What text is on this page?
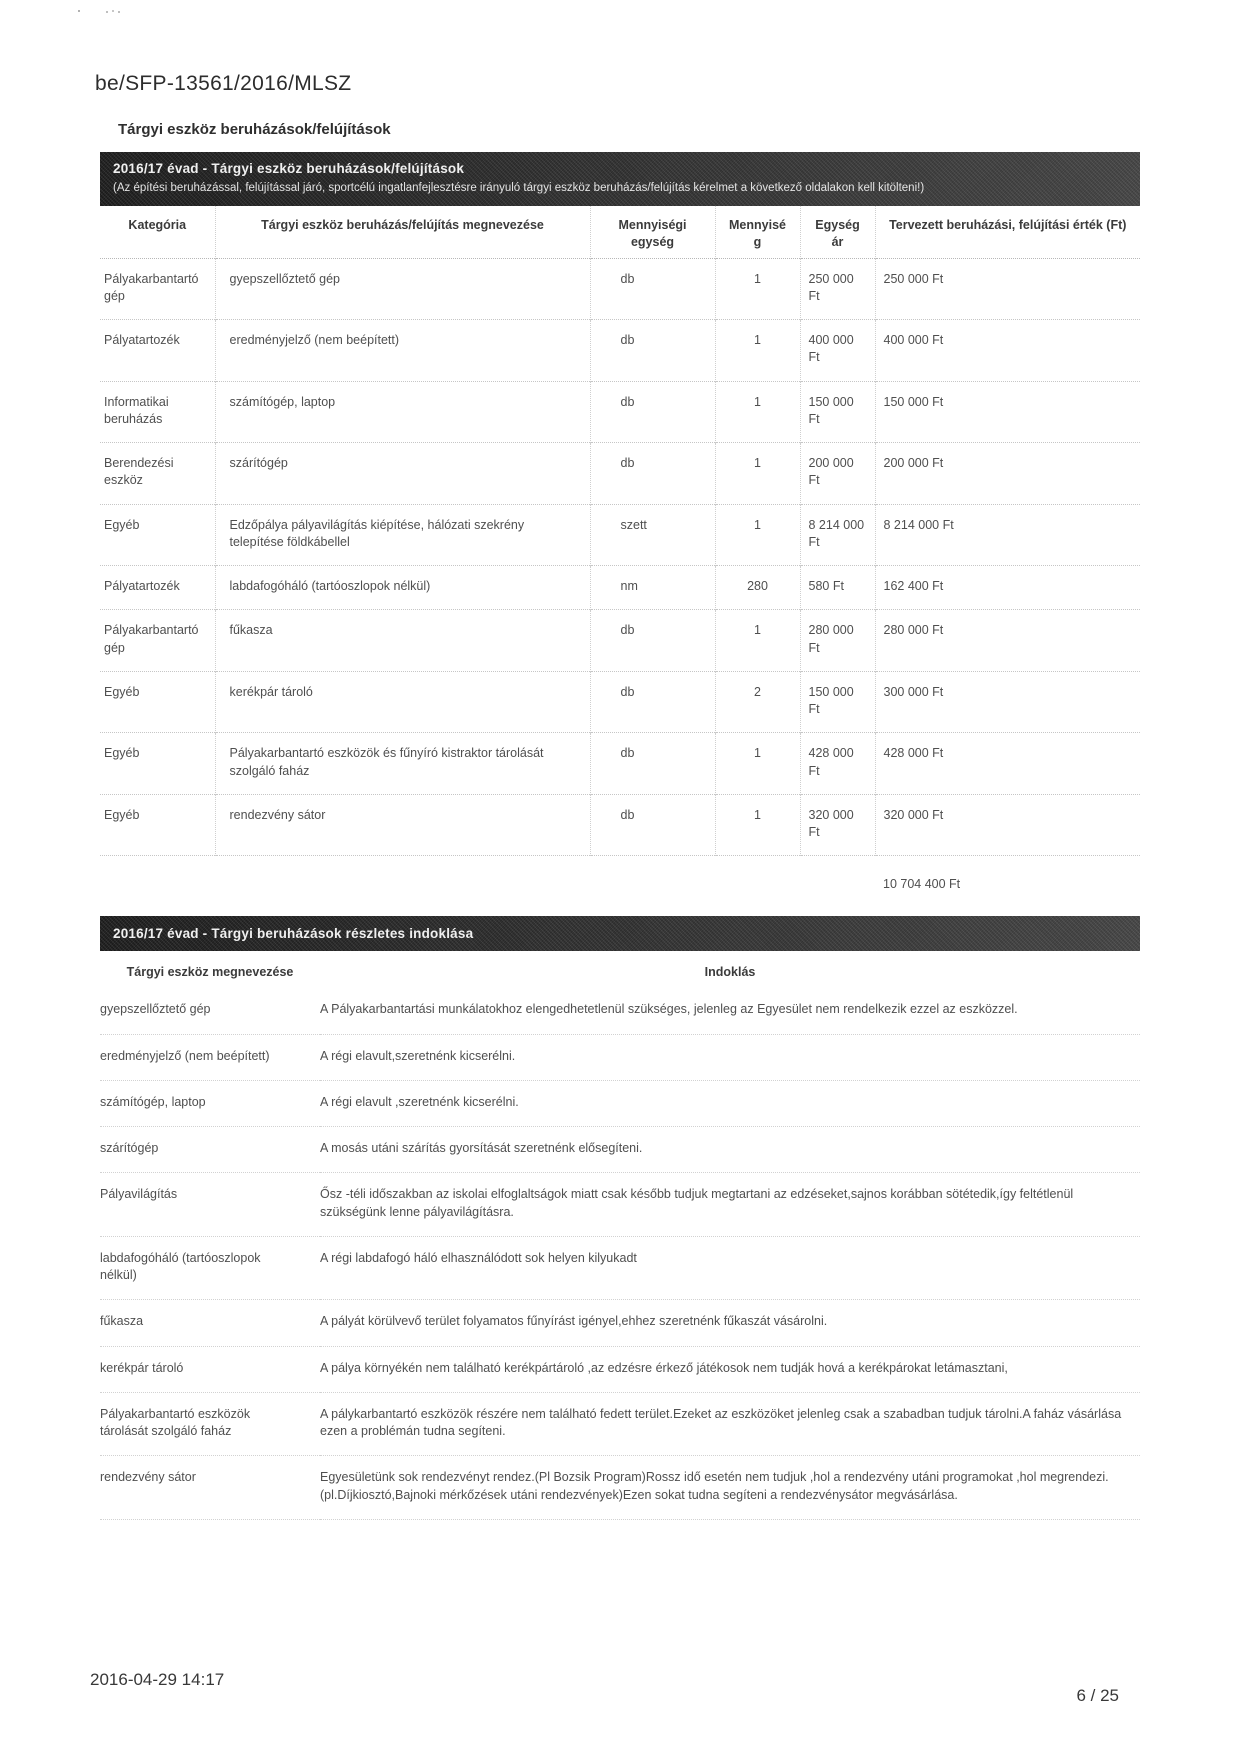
be/SFP-13561/2016/MLSZ
Tárgyi eszköz beruházások/felújítások
2016/17 évad - Tárgyi eszköz beruházások/felújítások
(Az építési beruházással, felújítással járó, sportcélú ingatlanfejlesztésre irányuló tárgyi eszköz beruházás/felújítás kérelmet a következő oldalakon kell kitölteni!)
Kategória	Tárgyi eszköz beruházás/felújítás megnevezése	Mennyiségi egység	Mennyiség	Egységár	Tervezett beruházási, felújítási érték (Ft)
Pályakarbantartó gép	gyepszellőztető gép	db	1	250 000 Ft	250 000 Ft
Pályatartozék	eredményjelző (nem beépített)	db	1	400 000 Ft	400 000 Ft
Informatikai beruházás	számítógép, laptop	db	1	150 000 Ft	150 000 Ft
Berendezési eszköz	szárítógép	db	1	200 000 Ft	200 000 Ft
Egyéb	Edzőpálya pályavilágítás kiépítése, hálózati szekrény telepítése földkábellel	szett	1	8 214 000 Ft	8 214 000 Ft
Pályatartozék	labdafogóháló (tartóoszlopok nélkül)	nm	280	580 Ft	162 400 Ft
Pályakarbantartó gép	fűkasza	db	1	280 000 Ft	280 000 Ft
Egyéb	kerékpár tároló	db	2	150 000 Ft	300 000 Ft
Egyéb	Pályakarbantartó eszközök és fűnyíró kistraktor tárolását szolgáló faház	db	1	428 000 Ft	428 000 Ft
Egyéb	rendezvény sátor	db	1	320 000 Ft	320 000 Ft
					10 704 400 Ft
2016/17 évad - Tárgyi beruházások részletes indoklása
Tárgyi eszköz megnevezése	Indoklás
gyepszellőztető gép	A Pályakarbantartási munkálatokhoz elengedhetetlenül szükséges, jelenleg az Egyesület nem rendelkezik ezzel az eszközzel.
eredményjelző (nem beépített)	A régi elavult,szeretnénk kicserélni.
számítógép, laptop	A régi elavult ,szeretnénk kicserélni.
szárítógép	A mosás utáni szárítás gyorsítását szeretnénk elősegíteni.
Pályavilágítás	Ősz -téli időszakban az iskolai elfoglaltságok miatt csak később tudjuk megtartani az edzéseket,sajnos korábban sötétedik,így feltétlenül szükségünk lenne pályavilágításra.
labdafogóháló (tartóoszlopok nélkül)	A régi labdafogó háló elhasználódott sok helyen kilyukadt
fűkasza	A pályát körülvevő terület folyamatos fűnyírást igényel,ehhez szeretnénk fűkaszát vásárolni.
kerékpár tároló	A pálya környékén nem található kerékpártároló ,az edzésre érkező játékosok nem tudják hová a kerékpárokat letámasztani,
Pályakarbantartó eszközök tárolását szolgáló faház	A pálykarbantartó eszközök részére nem található fedett terület.Ezeket az eszközöket jelenleg csak a szabadban tudjuk tárolni.A faház vásárlása ezen a problémán tudna segíteni.
rendezvény sátor	Egyesületünk sok rendezvényt rendez.(Pl Bozsik Program)Rossz idő esetén nem tudjuk ,hol a rendezvény utáni programokat ,hol megrendezi.(pl.Díjkiosztó,Bajnoki mérkőzések utáni rendezvények)Ezen sokat tudna segíteni a rendezvénysátor megvásárlása.
2016-04-29 14:17
6 / 25
